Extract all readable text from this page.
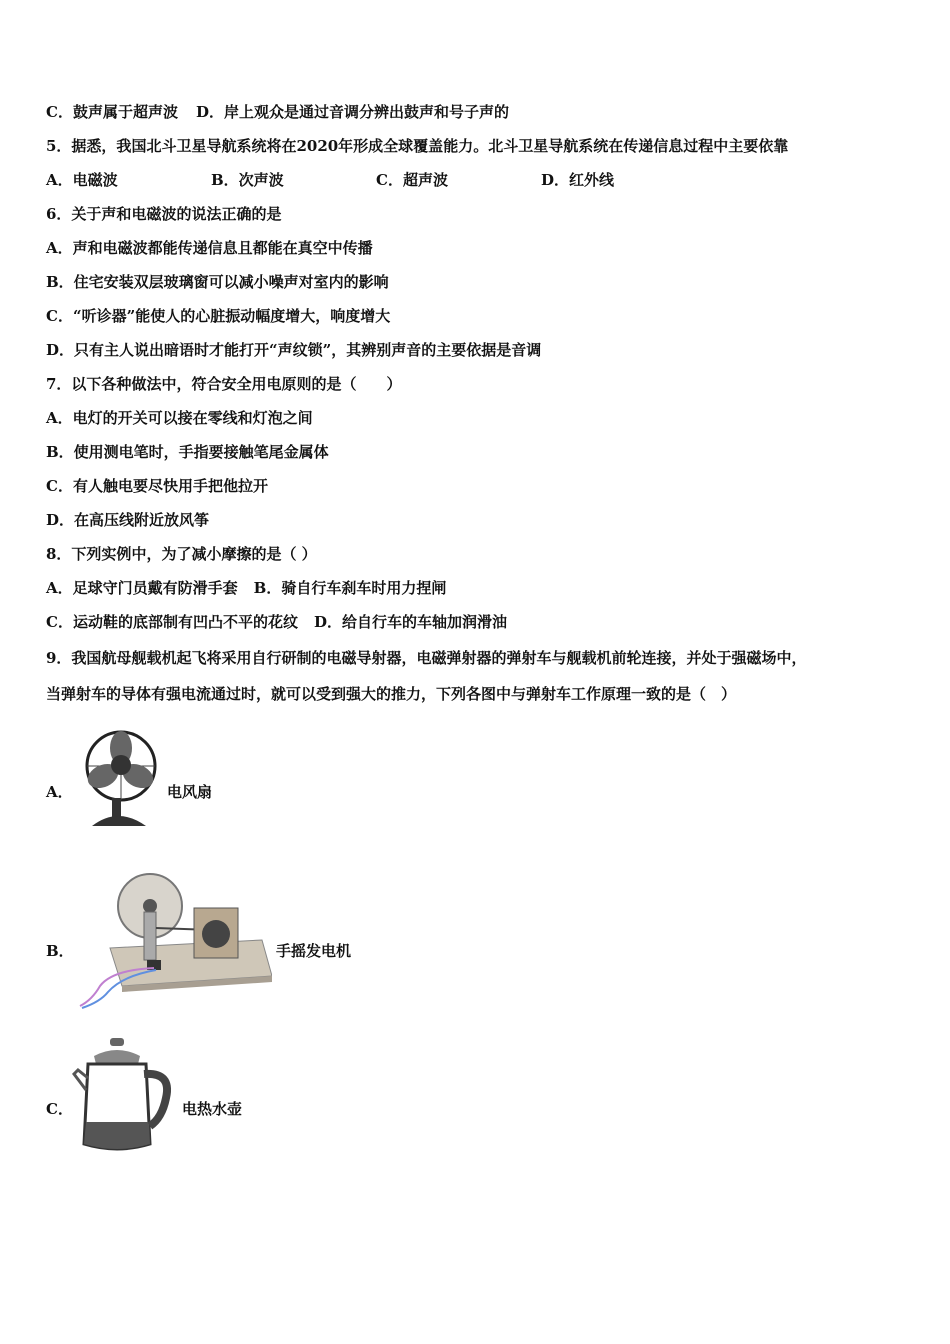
C．鼓声属于超声波 D．岸上观众是通过音调分辨出鼓声和号子声的
5．据悉，我国北斗卫星导航系统将在2020年形成全球覆盖能力。北斗卫星导航系统在传递信息过程中主要依靠
A．电磁波	B．次声波	C．超声波	D．红外线
6．关于声和电磁波的说法正确的是
A．声和电磁波都能传递信息且都能在真空中传播
B．住宅安装双层玻璃窗可以减小噪声对室内的影响
C．“听诊器”能使人的心脏振动幅度增大，响度增大
D．只有主人说出暗语时才能打开“声纹锁”，其辨别声音的主要依据是音调
7．以下各种做法中，符合安全用电原则的是（　　）
A．电灯的开关可以接在零线和灯泡之间
B．使用测电笔时，手指要接触笔尾金属体
C．有人触电要尽快用手把他拉开
D．在高压线附近放风筝
8．下列实例中，为了减小摩擦的是（ ）
A．足球守门员戴有防滑手套 B．骑自行车刹车时用力捏闸
C．运动鞋的底部制有凹凸不平的花纹 D．给自行车的车轴加润滑油
9．我国航母舰载机起飞将采用自行研制的电磁导射器，电磁弹射器的弹射车与舰载机前轮连接，并处于强磁场中，
当弹射车的导体有强电流通过时，就可以受到强大的推力，下列各图中与弹射车工作原理一致的是（　）
A．	电风扇
B．	手摇发电机
C．	电热水壶
